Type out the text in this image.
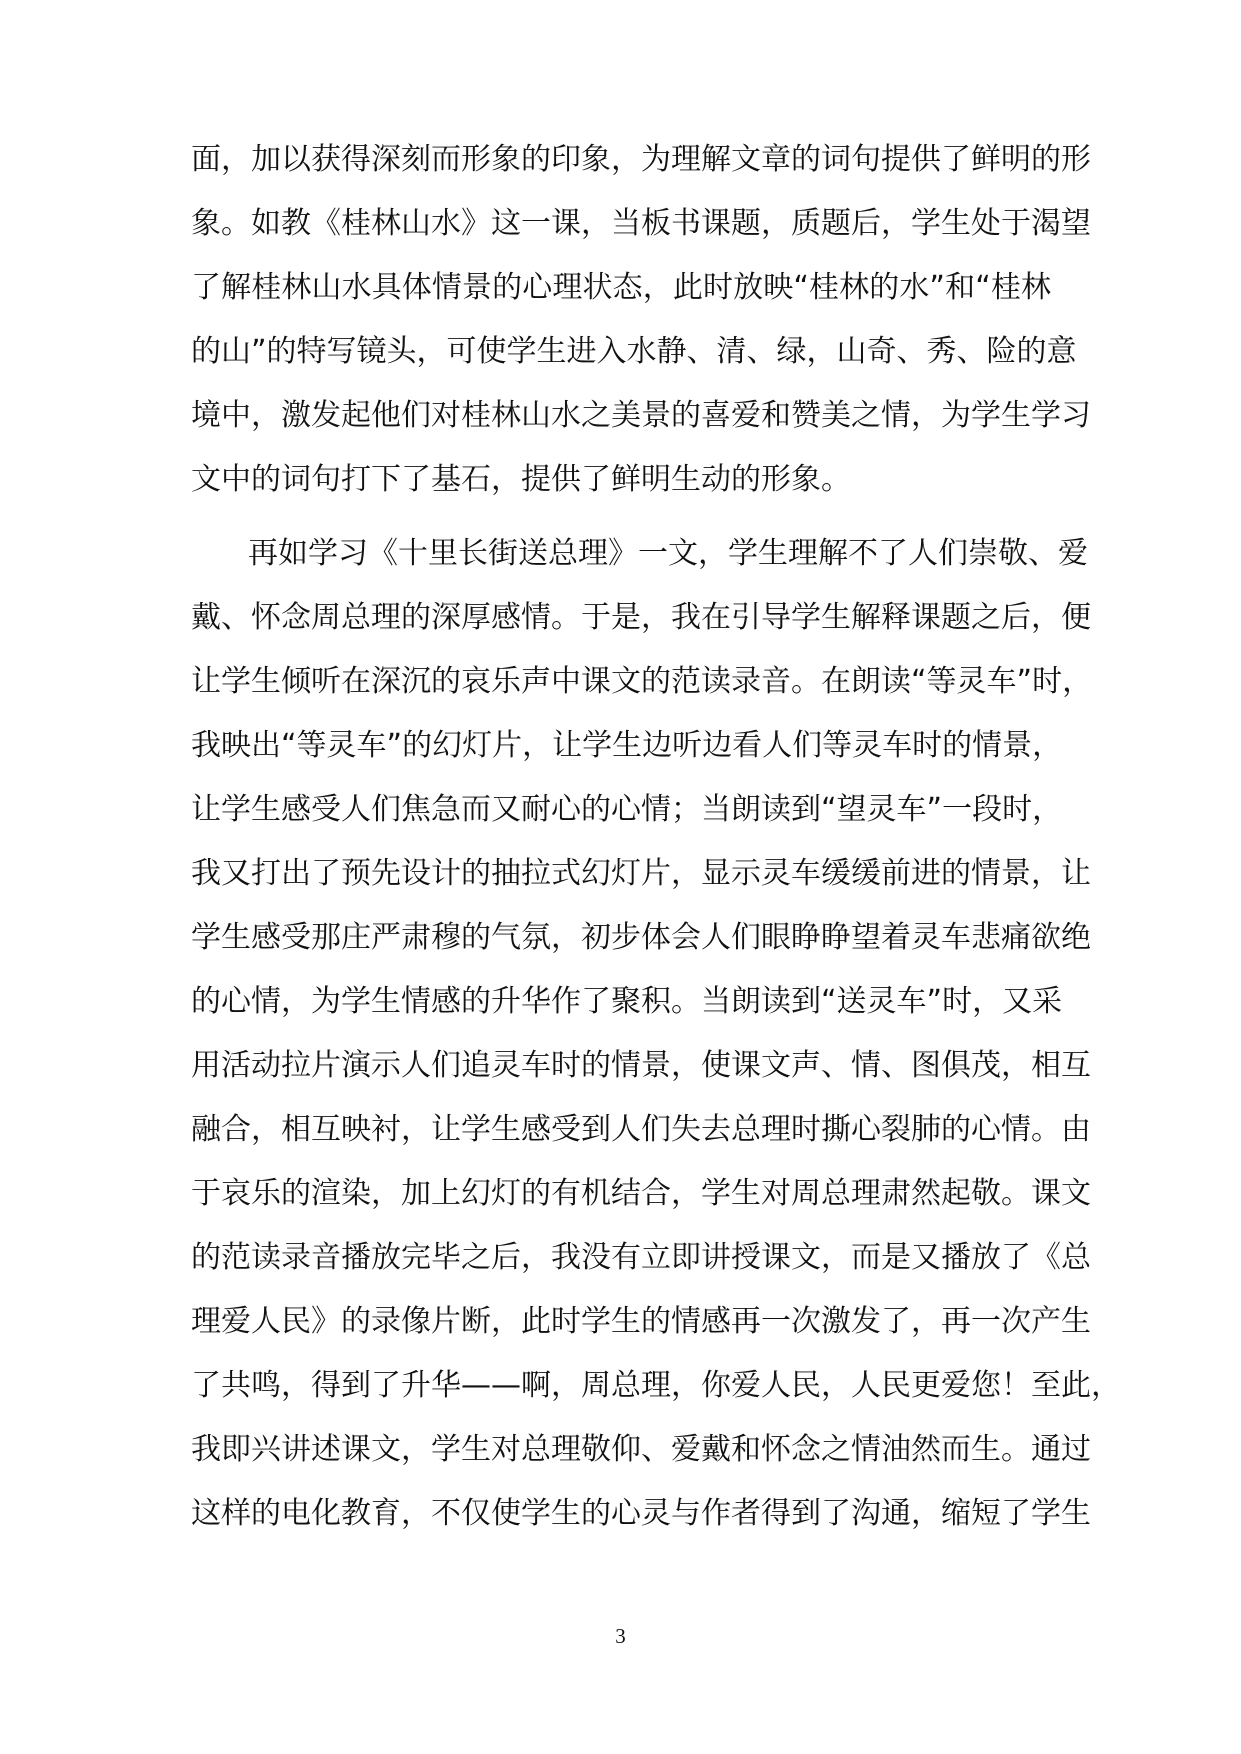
面，加以获得深刻而形象的印象，为理解文章的词句提供了鲜明的形
象。如教《桂林山水》这一课，当板书课题，质题后，学生处于渴望
了解桂林山水具体情景的心理状态，此时放映“桂林的水”和“桂林
的山”的特写镜头，可使学生进入水静、清、绿，山奇、秀、险的意
境中，激发起他们对桂林山水之美景的喜爱和赞美之情，为学生学习
文中的词句打下了基石，提供了鲜明生动的形象。
再如学习《十里长街送总理》一文，学生理解不了人们崇敬、爱
戴、怀念周总理的深厚感情。于是，我在引导学生解释课题之后，便
让学生倾听在深沉的哀乐声中课文的范读录音。在朗读“等灵车”时，
我映出“等灵车”的幻灯片，让学生边听边看人们等灵车时的情景，
让学生感受人们焦急而又耐心的心情；当朗读到“望灵车”一段时，
我又打出了预先设计的抽拉式幻灯片，显示灵车缓缓前进的情景，让
学生感受那庄严肃穆的气氛，初步体会人们眼睁睁望着灵车悲痛欲绝
的心情，为学生情感的升华作了聚积。当朗读到“送灵车”时，又采
用活动拉片演示人们追灵车时的情景，使课文声、情、图俱茂，相互
融合，相互映衬，让学生感受到人们失去总理时撕心裂肺的心情。由
于哀乐的渲染，加上幻灯的有机结合，学生对周总理肃然起敬。课文
的范读录音播放完毕之后，我没有立即讲授课文，而是又播放了《总
理爱人民》的录像片断，此时学生的情感再一次激发了，再一次产生
了共鸣，得到了升华——啊，周总理，你爱人民，人民更爱您！至此，
我即兴讲述课文，学生对总理敬仰、爱戴和怀念之情油然而生。通过
这样的电化教育，不仅使学生的心灵与作者得到了沟通，缩短了学生
3
